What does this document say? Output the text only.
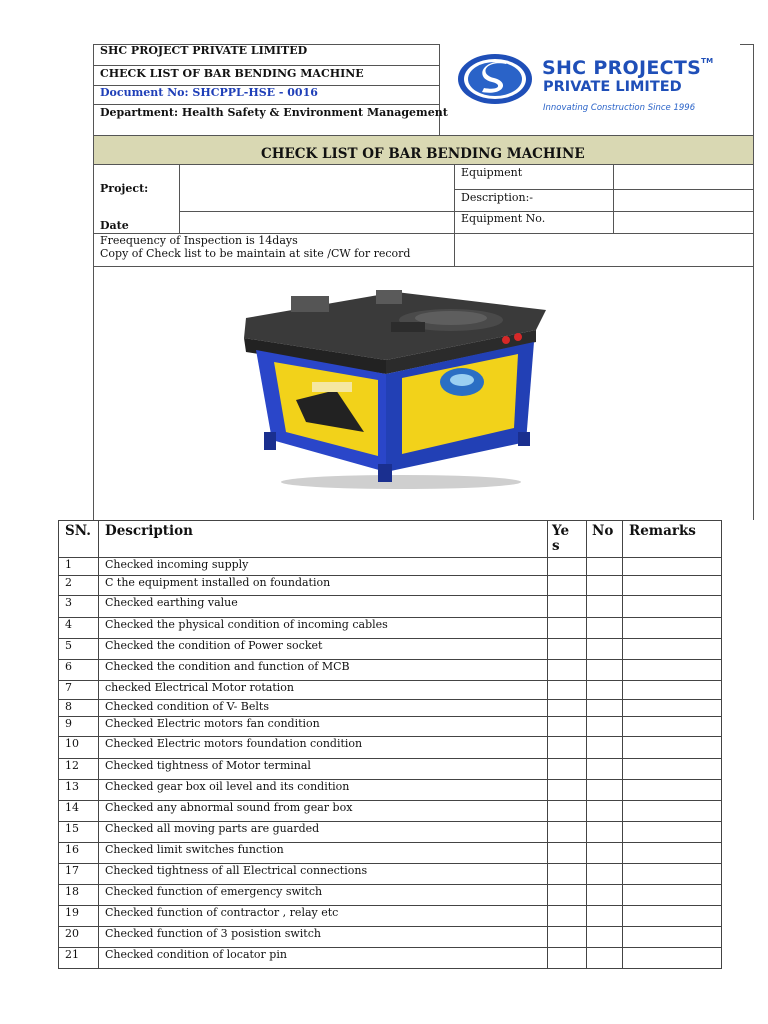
SHC PROJECT PRIVATE LIMITED
CHECK LIST OF BAR BENDING MACHINE
Document No: SHCPPL-HSE - 0016
Department: Health Safety & Environment Management
SHC PROJECTS™
PRIVATE LIMITED
Innovating Construction Since 1996
CHECK LIST OF BAR BENDING MACHINE
Project:
Date
Equipment
Description:-
Equipment No.
Freequency of Inspection is 14days
Copy of Check list to be maintain at site /CW for record
SN.	Description	Ye s	No	Remarks
1	Checked incoming supply			
2	C the equipment installed on foundation			
3	Checked earthing value			
4	Checked the physical condition of incoming cables			
5	Checked the condition of Power socket			
6	Checked the condition and function of MCB			
7	checked Electrical Motor rotation			
8	Checked condition of V- Belts			
9	Checked Electric motors fan condition			
10	Checked Electric motors foundation condition			
12	Checked tightness of Motor terminal			
13	Checked gear box oil level and its condition			
14	Checked any abnormal sound from gear box			
15	Checked all moving parts are guarded			
16	Checked limit switches function			
17	Checked tightness of all Electrical connections			
18	Checked function of emergency switch			
19	Checked function of contractor , relay etc			
20	Checked function of 3 posistion switch			
21	Checked condition of locator pin			
